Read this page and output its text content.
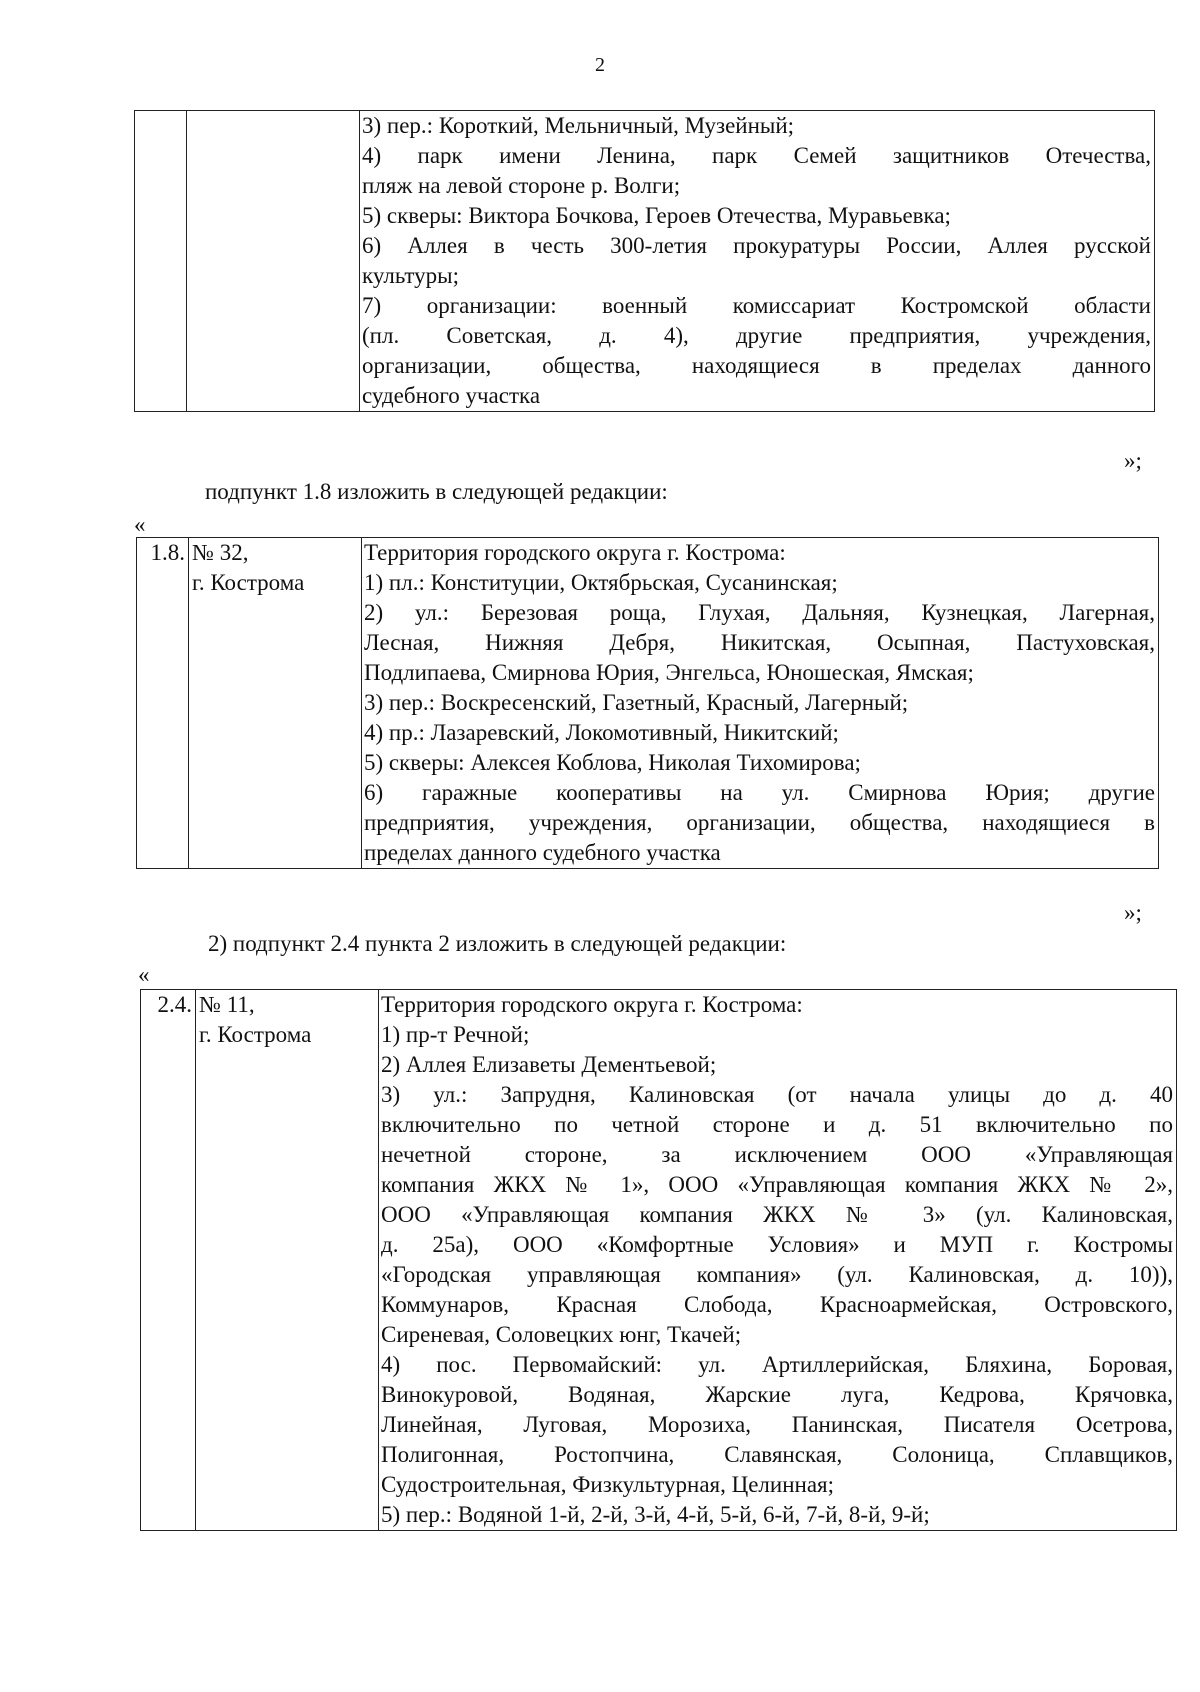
2

3) пер.: Короткий, Мельничный, Музейный;
4) парк имени Ленина, парк Семей защитников Отечества,
пляж на левой стороне р. Волги;
5) скверы: Виктора Бочкова, Героев Отечества, Муравьевка;
6) Аллея в честь 300-летия прокуратуры России, Аллея русской
культуры;
7) организации: военный комиссариат Костромской области
(пл. Советская, д. 4), другие предприятия, учреждения,
организации, общества, находящиеся в пределах данного
судебного участка
»;
подпункт 1.8 изложить в следующей редакции:
«
1.8.	№ 32,
г. Кострома

Территория городского округа г. Кострома:
1) пл.: Конституции, Октябрьская, Сусанинская;
2) ул.: Березовая роща, Глухая, Дальняя, Кузнецкая, Лагерная,
Лесная, Нижняя Дебря, Никитская, Осыпная, Пастуховская,
Подлипаева, Смирнова Юрия, Энгельса, Юношеская, Ямская;
3) пер.: Воскресенский, Газетный, Красный, Лагерный;
4) пр.: Лазаревский, Локомотивный, Никитский;
5) скверы: Алексея Коблова, Николая Тихомирова;
6) гаражные кооперативы на ул. Смирнова Юрия; другие
предприятия, учреждения, организации, общества, находящиеся в
пределах данного судебного участка
»;
2) подпункт 2.4 пункта 2 изложить в следующей редакции:
«
2.4.	№ 11,
г. Кострома

Территория городского округа г. Кострома:
1) пр-т Речной;
2) Аллея Елизаветы Дементьевой;
3) ул.: Запрудня, Калиновская (от начала улицы до д. 40
включительно по четной стороне и д. 51 включительно по
нечетной стороне, за исключением ООО «Управляющая
компания ЖКХ № 1», ООО «Управляющая компания ЖКХ № 2»,
ООО «Управляющая компания ЖКХ № 3» (ул. Калиновская,
д. 25а), ООО «Комфортные Условия» и МУП г. Костромы
«Городская управляющая компания» (ул. Калиновская, д. 10)),
Коммунаров, Красная Слобода, Красноармейская, Островского,
Сиреневая, Соловецких юнг, Ткачей;
4) пос. Первомайский: ул. Артиллерийская, Бляхина, Боровая,
Винокуровой, Водяная, Жарские луга, Кедрова, Крячовка,
Линейная, Луговая, Морозиха, Панинская, Писателя Осетрова,
Полигонная, Ростопчина, Славянская, Солоница, Сплавщиков,
Судостроительная, Физкультурная, Целинная;
5) пер.: Водяной 1-й, 2-й, 3-й, 4-й, 5-й, 6-й, 7-й, 8-й, 9-й;
